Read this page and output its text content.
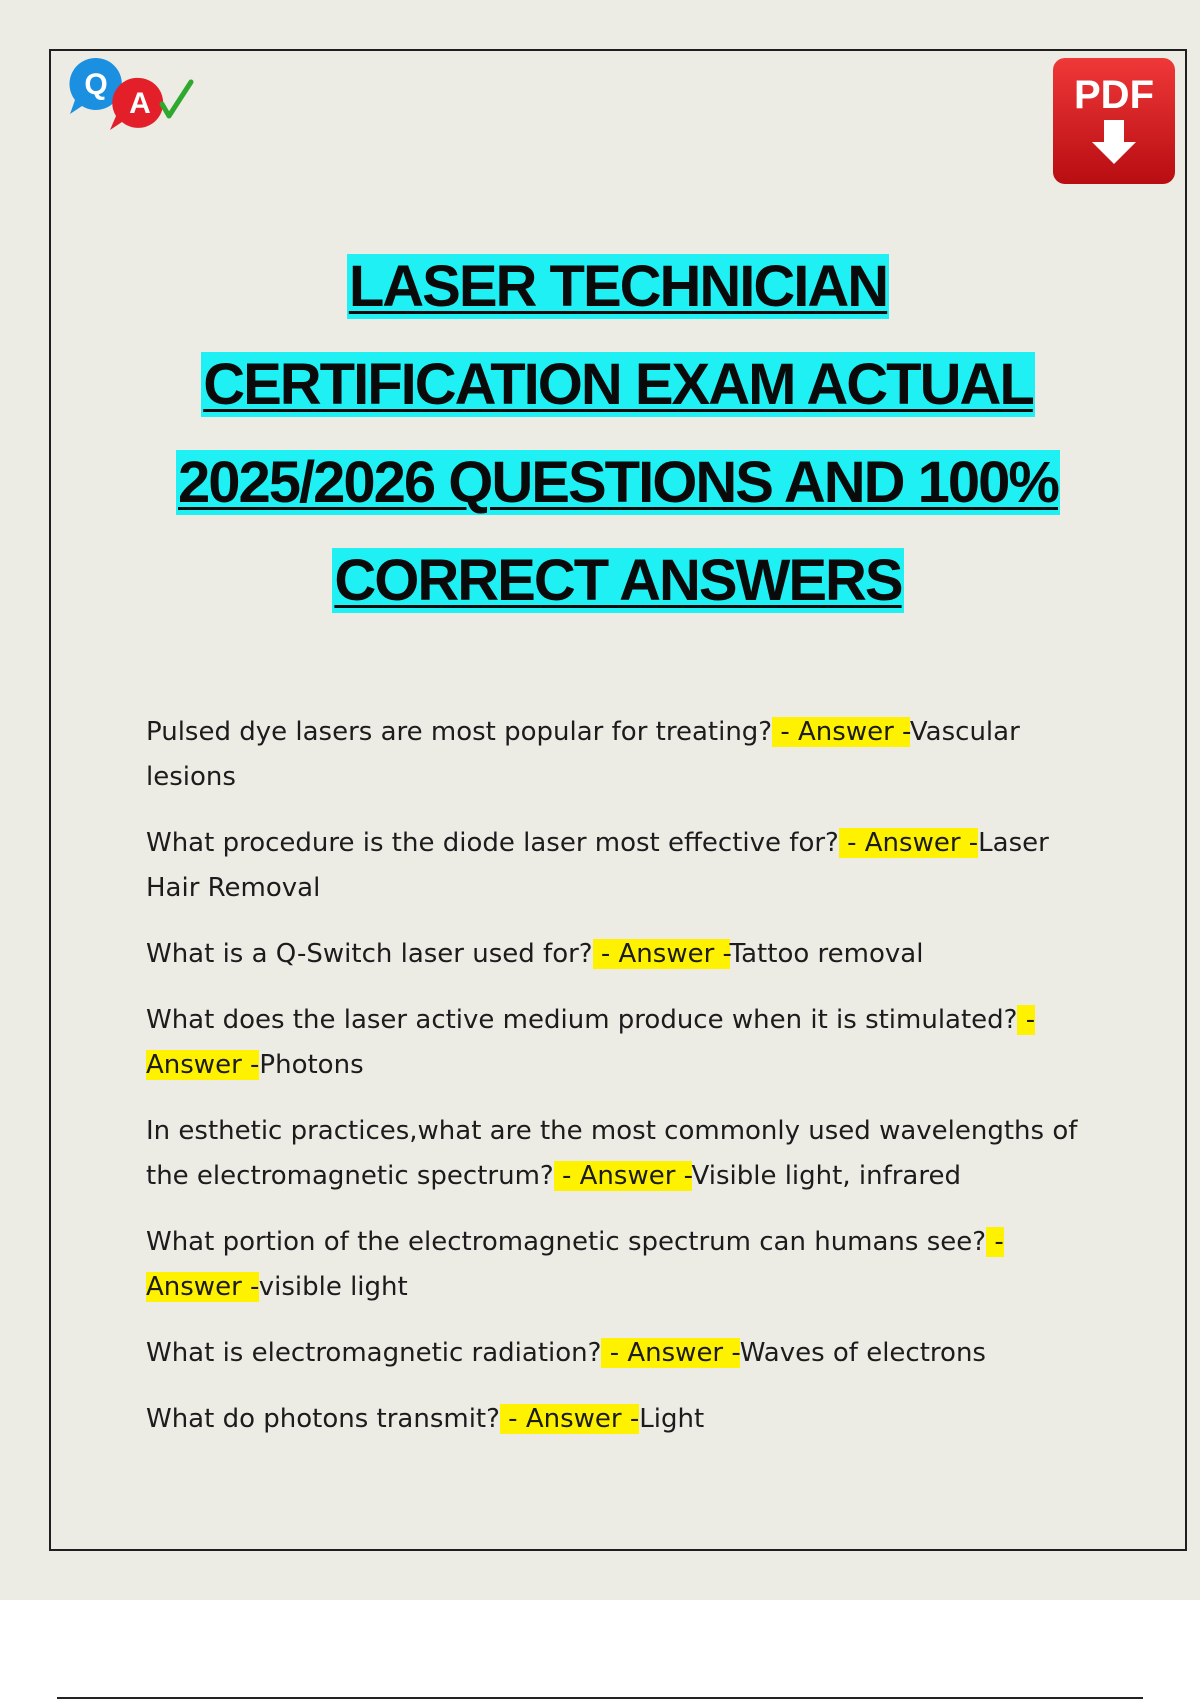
Q
A	PDF
LASER TECHNICIAN
CERTIFICATION EXAM ACTUAL
2025/2026 QUESTIONS AND 100%
CORRECT ANSWERS

Pulsed dye lasers are most popular for treating? - Answer -Vascular lesions

What procedure is the diode laser most effective for? - Answer -Laser Hair Removal

What is a Q-Switch laser used for? - Answer -Tattoo removal

What does the laser active medium produce when it is stimulated? - Answer -Photons

In esthetic practices,what are the most commonly used wavelengths of the electromagnetic spectrum? - Answer -Visible light, infrared

What portion of the electromagnetic spectrum can humans see? - Answer -visible light

What is electromagnetic radiation? - Answer -Waves of electrons

What do photons transmit? - Answer -Light
